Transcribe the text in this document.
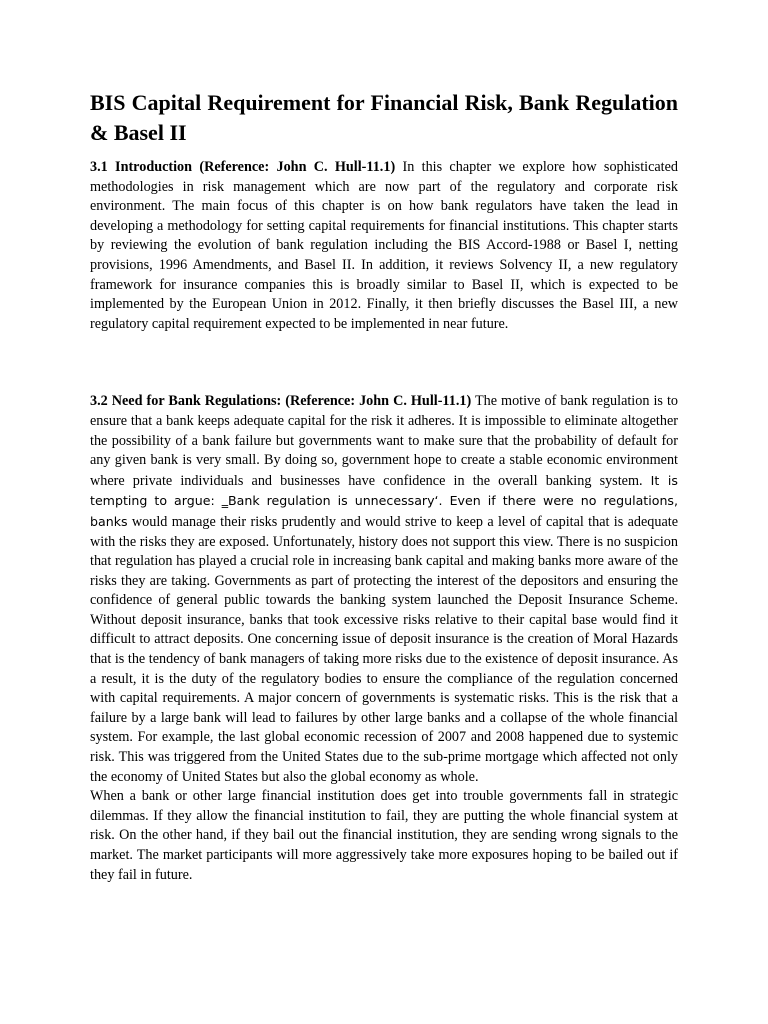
BIS Capital Requirement for Financial Risk, Bank Regulation & Basel II

3.1 Introduction (Reference: John C. Hull-11.1) In this chapter we explore how sophisticated methodologies in risk management which are now part of the regulatory and corporate risk environment. The main focus of this chapter is on how bank regulators have taken the lead in developing a methodology for setting capital requirements for financial institutions. This chapter starts by reviewing the evolution of bank regulation including the BIS Accord-1988 or Basel I, netting provisions, 1996 Amendments, and Basel II. In addition, it reviews Solvency II, a new regulatory framework for insurance companies this is broadly similar to Basel II, which is expected to be implemented by the European Union in 2012. Finally, it then briefly discusses the Basel III, a new regulatory capital requirement expected to be implemented in near future.

3.2 Need for Bank Regulations: (Reference: John C. Hull-11.1) The motive of bank regulation is to ensure that a bank keeps adequate capital for the risk it adheres. It is impossible to eliminate altogether the possibility of a bank failure but governments want to make sure that the probability of default for any given bank is very small. By doing so, government hope to create a stable economic environment where private individuals and businesses have confidence in the overall banking system. It is tempting to argue: ‗Bank regulation is unnecessary‘. Even if there were no regulations, banks would manage their risks prudently and would strive to keep a level of capital that is adequate with the risks they are exposed. Unfortunately, history does not support this view. There is no suspicion that regulation has played a crucial role in increasing bank capital and making banks more aware of the risks they are taking. Governments as part of protecting the interest of the depositors and ensuring the confidence of general public towards the banking system launched the Deposit Insurance Scheme. Without deposit insurance, banks that took excessive risks relative to their capital base would find it difficult to attract deposits. One concerning issue of deposit insurance is the creation of Moral Hazards that is the tendency of bank managers of taking more risks due to the existence of deposit insurance. As a result, it is the duty of the regulatory bodies to ensure the compliance of the regulation concerned with capital requirements. A major concern of governments is systematic risks. This is the risk that a failure by a large bank will lead to failures by other large banks and a collapse of the whole financial system. For example, the last global economic recession of 2007 and 2008 happened due to systemic risk. This was triggered from the United States due to the sub-prime mortgage which affected not only the economy of United States but also the global economy as whole.

When a bank or other large financial institution does get into trouble governments fall in strategic dilemmas. If they allow the financial institution to fail, they are putting the whole financial system at risk. On the other hand, if they bail out the financial institution, they are sending wrong signals to the market. The market participants will more aggressively take more exposures hoping to be bailed out if they fail in future.
